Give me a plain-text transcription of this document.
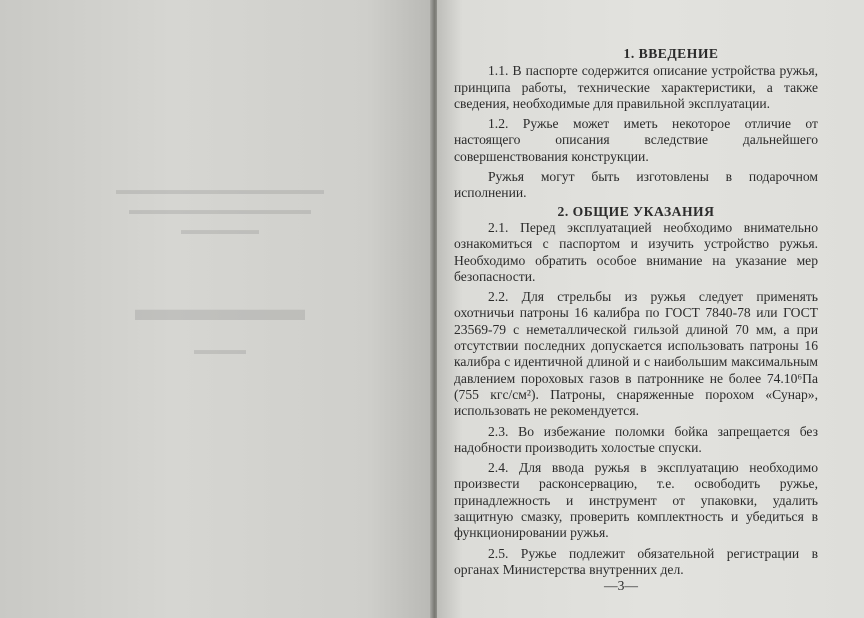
▬▬▬▬▬▬▬▬▬▬▬▬▬▬▬▬
▬▬▬▬▬▬▬▬▬▬▬▬▬▬
▬▬▬▬▬▬
▬▬▬▬▬
▬▬▬▬
1. ВВЕДЕНИЕ

1.1. В паспорте содержится описание устройства ружья, принципа работы, технические характеристики, а также сведения, необходимые для правильной эксплуатации.

1.2. Ружье может иметь некоторое отличие от настоящего описания вследствие дальнейшего совершенствования конструкции.

Ружья могут быть изготовлены в подарочном исполнении.

2. ОБЩИЕ УКАЗАНИЯ

2.1. Перед эксплуатацией необходимо внимательно ознакомиться с паспортом и изучить устройство ружья. Необходимо обратить особое внимание на указание мер безопасности.

2.2. Для стрельбы из ружья следует применять охотничьи патроны 16 калибра по ГОСТ 7840-78 или ГОСТ 23569-79 с неметаллической гильзой длиной 70 мм, а при отсутствии последних допускается использовать патроны 16 калибра с идентичной длиной и с наибольшим максимальным давлением пороховых газов в патроннике не более 74.10⁶Па (755 кгс/см²). Патроны, снаряженные порохом «Сунар», использовать не рекомендуется.

2.3. Во избежание поломки бойка запрещается без надобности производить холостые спуски.

2.4. Для ввода ружья в эксплуатацию необходимо произвести расконсервацию, т.е. освободить ружье, принадлежность и инструмент от упаковки, удалить защитную смазку, проверить комплектность и убедиться в функционировании ружья.

2.5. Ружье подлежит обязательной регистрации в органах Министерства внутренних дел.

—3—
